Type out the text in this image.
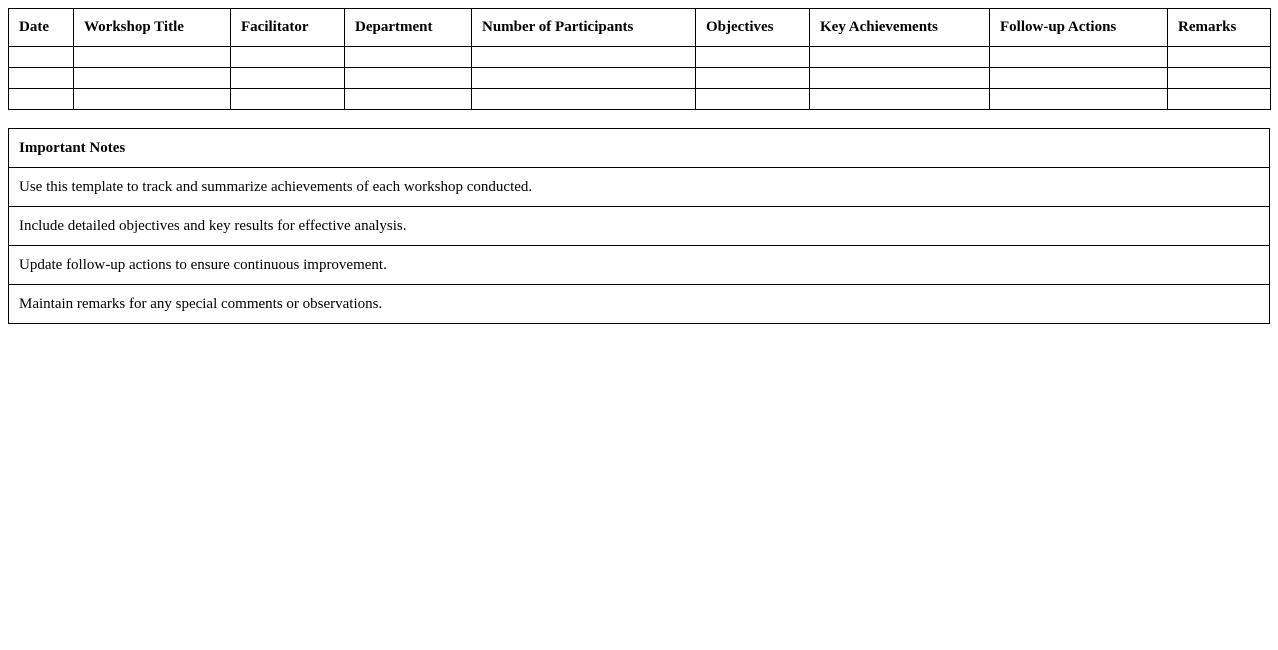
Date	Workshop Title	Facilitator	Department	Number of Participants	Objectives	Key Achievements	Follow-up Actions	Remarks

Important Notes
Use this template to track and summarize achievements of each workshop conducted.
Include detailed objectives and key results for effective analysis.
Update follow-up actions to ensure continuous improvement.
Maintain remarks for any special comments or observations.
